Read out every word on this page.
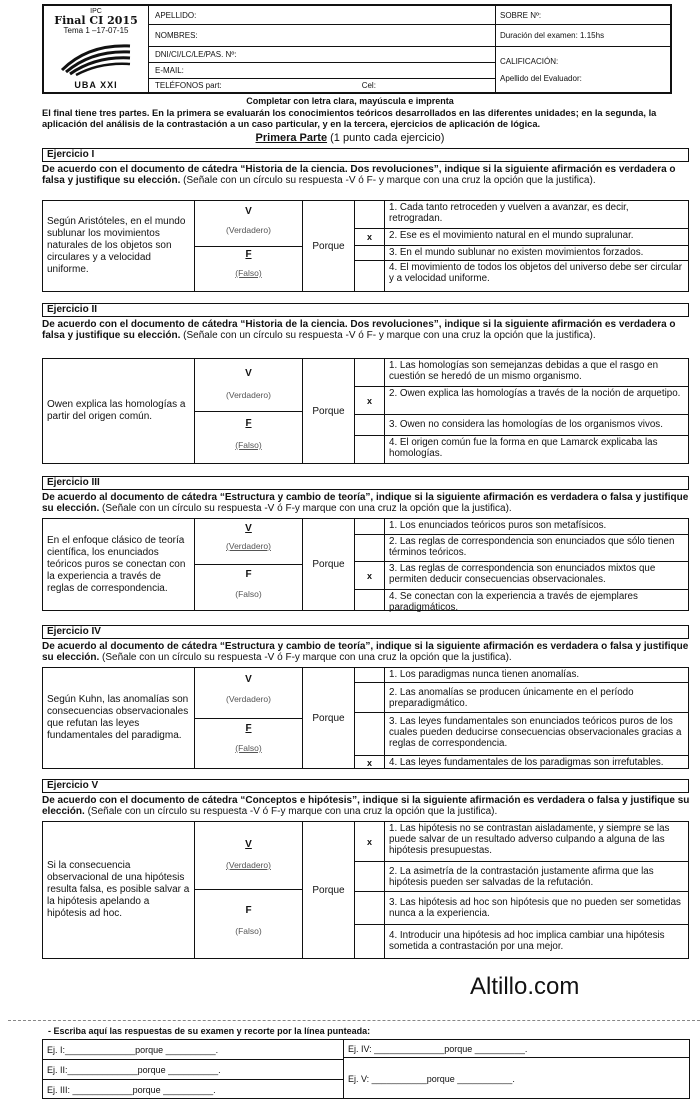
IPC
Final CI 2015
Tema 1 –17-07-15
UBA XXI
APELLIDO:
NOMBRES:
DNI/CI/LC/LE/PAS. Nº:
E-MAIL:
TELÉFONOS part:	Cel:
SOBRE Nº:
Duración del examen: 1.15hs
CALIFICACIÓN:
Apellido del Evaluador:
Completar con letra clara, mayúscula e imprenta
El final tiene tres partes. En la primera se evaluarán los conocimientos teóricos desarrollados en las diferentes unidades; en la segunda, la aplicación del análisis de la contrastación a un caso particular, y en la tercera, ejercicios de aplicación de lógica.
Primera Parte (1 punto cada ejercicio)
Ejercicio I
De acuerdo con el documento de cátedra “Historia de la ciencia. Dos revoluciones”, indique si la siguiente afirmación es verdadera o falsa y justifique su elección. (Señale con un círculo su respuesta -V ó F- y marque con una cruz la opción que la justifica).
Según Aristóteles, en el mundo sublunar los movimientos naturales de los objetos son circulares y a velocidad uniforme.
V
(Verdadero)
F
(Falso)
Porque
x
1. Cada tanto retroceden y vuelven a avanzar, es decir, retrogradan.
2. Ese es el movimiento natural en el mundo supralunar.
3. En el mundo sublunar no existen movimientos forzados.
4. El movimiento de todos los objetos del universo debe ser circular y a velocidad uniforme.
Ejercicio II
De acuerdo con el documento de cátedra “Historia de la ciencia. Dos revoluciones”, indique si la siguiente afirmación es verdadera o falsa y justifique su elección. (Señale con un círculo su respuesta -V ó F- y marque con una cruz la opción que la justifica).
Owen explica las homologías a partir del origen común.
V
(Verdadero)
F
(Falso)
Porque
x
1. Las homologías son semejanzas debidas a que el rasgo en cuestión se heredó de un mismo organismo.
2. Owen explica las homologías a través de la noción de arquetipo.
3. Owen no considera las homologías de los organismos vivos.
4. El origen común fue la forma en que Lamarck explicaba las homologías.
Ejercicio III
De acuerdo al documento de cátedra “Estructura y cambio de teoría”, indique si la siguiente afirmación es verdadera o falsa y justifique su elección. (Señale con un círculo su respuesta -V ó F-y marque con una cruz la opción que la justifica).
En el enfoque clásico de teoría científica, los enunciados teóricos puros se conectan con la experiencia a través de reglas de correspondencia.
V
(Verdadero)
F
(Falso)
Porque
x
1. Los enunciados teóricos puros son metafísicos.
2. Las reglas de correspondencia son enunciados que sólo tienen términos teóricos.
3. Las reglas de correspondencia son enunciados mixtos que permiten deducir consecuencias observacionales.
4. Se conectan con la experiencia a través de ejemplares paradigmáticos.
Ejercicio IV
De acuerdo al documento de cátedra “Estructura y cambio de teoría”, indique si la siguiente afirmación es verdadera o falsa y justifique su elección. (Señale con un círculo su respuesta -V ó F-y marque con una cruz la opción que la justifica).
Según Kuhn, las anomalías son consecuencias observacionales que refutan las leyes fundamentales del paradigma.
V
(Verdadero)
F
(Falso)
Porque
x
1. Los paradigmas nunca tienen anomalías.
2. Las anomalías se producen únicamente en el período preparadigmático.
3. Las leyes fundamentales son enunciados teóricos puros de los cuales pueden deducirse consecuencias observacionales gracias a reglas de correspondencia.
4. Las leyes fundamentales de los paradigmas son irrefutables.
Ejercicio V
De acuerdo con el documento de cátedra “Conceptos e hipótesis”, indique si la siguiente afirmación es verdadera o falsa y justifique su elección. (Señale con un círculo su respuesta -V ó F-y marque con una cruz la opción que la justifica).
Si la consecuencia observacional de una hipótesis resulta falsa, es posible salvar a la hipótesis apelando a hipótesis ad hoc.
V
(Verdadero)
F
(Falso)
Porque
x
1. Las hipótesis no se contrastan aisladamente, y siempre se las puede salvar de un resultado adverso culpando a alguna de las hipótesis presupuestas.
2. La asimetría de la contrastación justamente afirma que las hipótesis pueden ser salvadas de la refutación.
3. Las hipótesis ad hoc son hipótesis que no pueden ser sometidas nunca a la experiencia.
4. Introducir una hipótesis ad hoc implica cambiar una hipótesis sometida a contrastación por una mejor.
Altillo.com
- Escriba aquí las respuestas de su examen y recorte por la línea punteada:
Ej. I:______________porque __________.
Ej. II:______________porque __________.
Ej. III: ____________porque __________.
Ej. IV: ______________porque __________.
Ej. V: ___________porque ___________.
